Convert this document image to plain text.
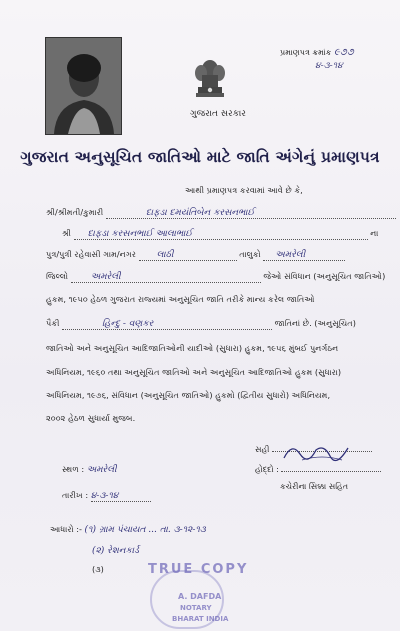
ગુજરાત સરકાર
પ્રમાણપત્ર ક્રમાંક ૯૭૭
૪-૩-૧૪
ગુજરાત અનુસૂચિત જાતિઓ માટે જાતિ અંગેનું પ્રમાણપત્ર
આથી પ્રમાણપત્ર કરવામાં આવે છે કે,
શ્રી/શ્રીમતી/કુમારી	દાફડા દમયંતિબેન કરસનભાઈ
શ્રી દાફડા કરસનભાઈ આલાભાઈ	ના
પુત્ર/પુત્રી રહેવાસી ગામ/નગર લાઠી	તાલુકો અમરેલી
જિલ્લો	અમરેલી	જેઓ સંવિધાન (અનુસૂચિત જાતિઓ)
હુકમ, ૧૯૫૦ હેઠળ ગુજરાત રાજ્યમાં અનુસૂચિત જાતિ તરીકે માન્ય કરેલ જાતિઓ
પૈકી	હિન્દુ - વણકર	જાતિનાં છે. (અનુસૂચિત)
જાતિઓ અને અનુસૂચિત આદિજાતિઓની યાદીઓ (સુધારા) હુકમ, ૧૯૫૬ મુંબઈ પુનર્ગઠન
અધિનિયમ, ૧૯૬૦ તથા અનુસૂચિત જાતિઓ અને અનુસૂચિત આદિજાતિઓ હુકમ (સુધારા)
અધિનિયમ, ૧૯૭૬, સંવિધાન (અનુસૂચિત જાતિઓ) હુકમો (દ્વિતીય સુધારો) અધિનિયમ,
૨૦૦૨ હેઠળ સુધાર્યા મુજબ.
સ્થળ : અમરેલી
તારીખ : ૪-૩-૧૪
સહી
હોદ્દો :
કચેરીના સિક્કા સહિત
આધારો :- (૧) ગ્રામ પંચાયત ... તા. ૩-૧૨-૧૩
(૨) રેશનકાર્ડ
(૩)	TRUE COPY
A. DAFDA
NOTARY
BHARAT INDIA
